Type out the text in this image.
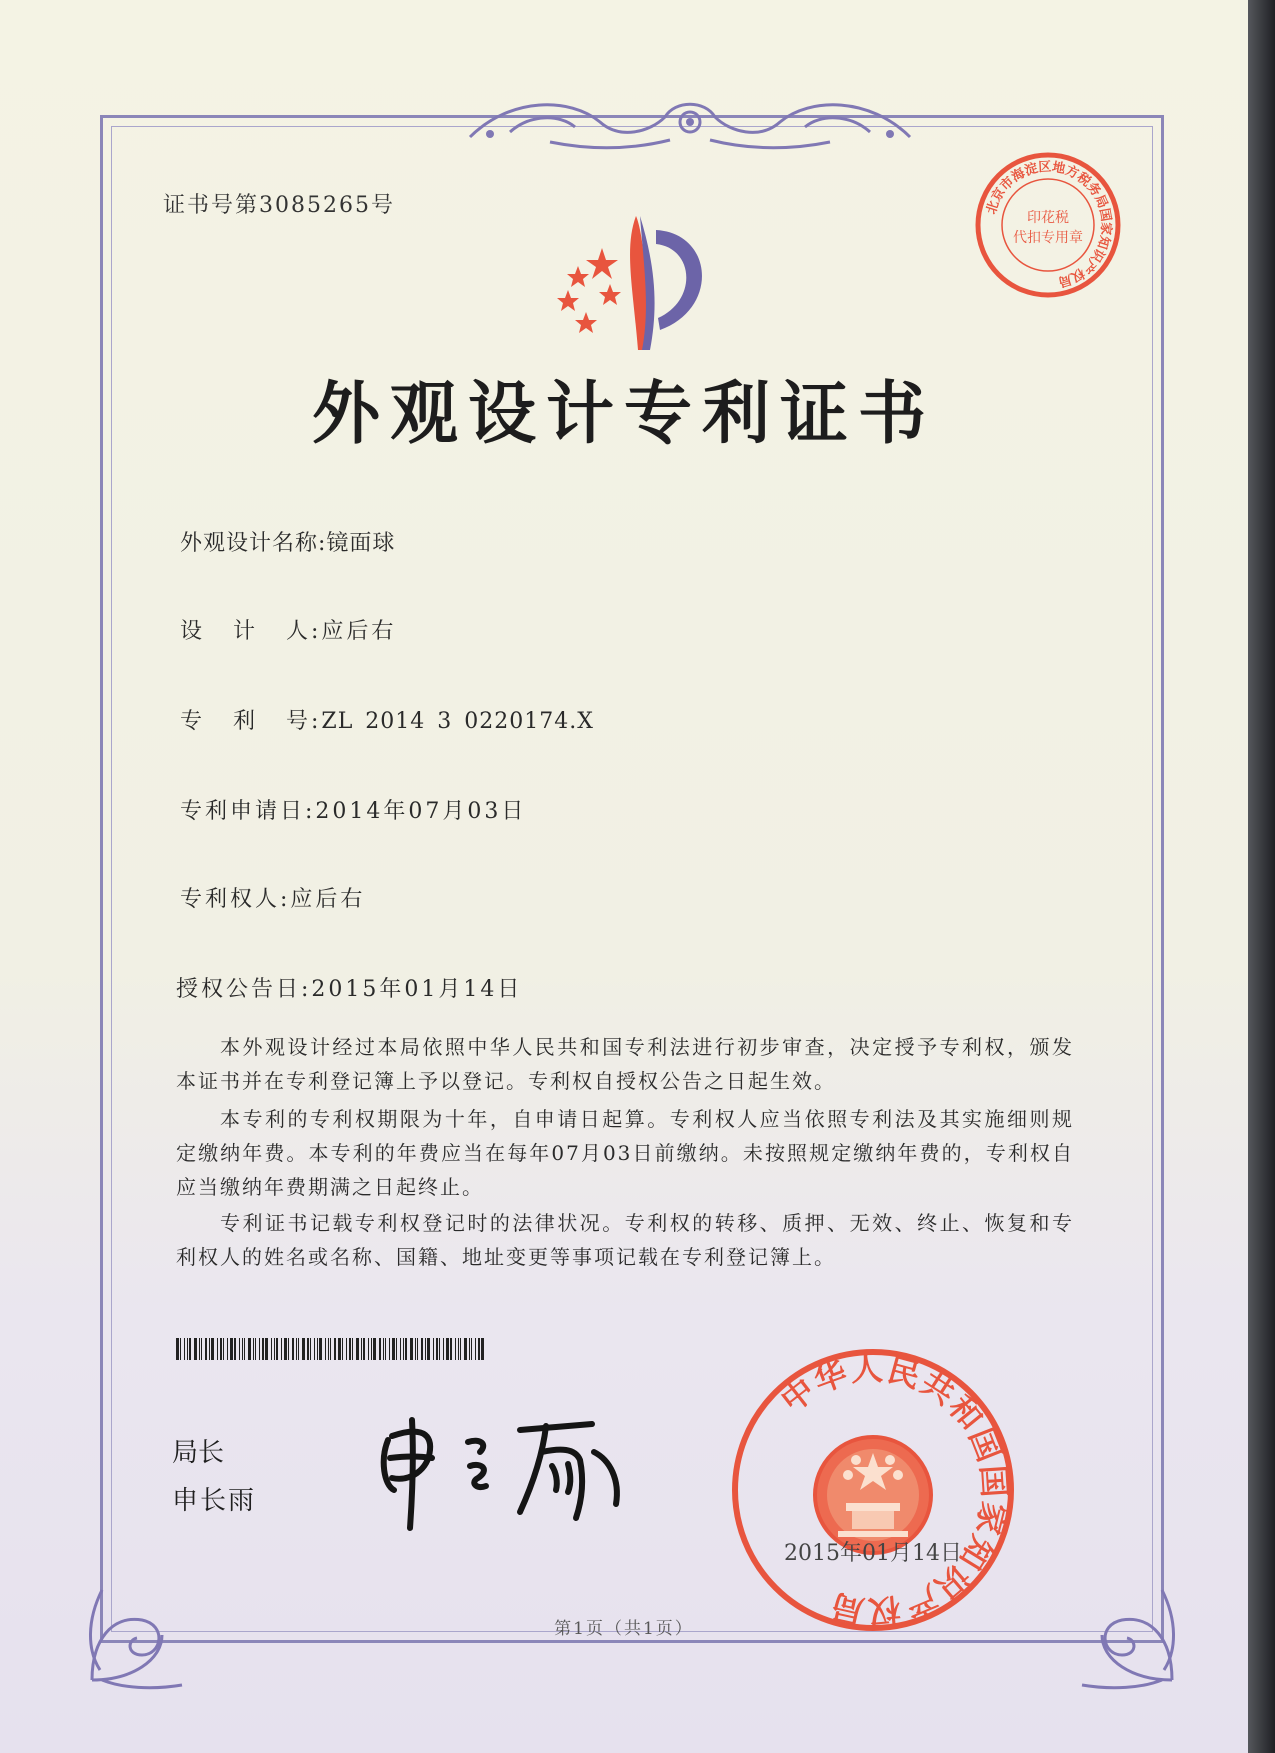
证书号第3085265号
外观设计专利证书
外观设计名称:镜面球
设 计 人:应后右
专 利 号:ZL 2014 3 0220174.X
专利申请日:2014年07月03日
专利权人:应后右
授权公告日:2015年01月14日
本外观设计经过本局依照中华人民共和国专利法进行初步审查，决定授予专利权，颁发本证书并在专利登记簿上予以登记。专利权自授权公告之日起生效。
本专利的专利权期限为十年，自申请日起算。专利权人应当依照专利法及其实施细则规定缴纳年费。本专利的年费应当在每年07月03日前缴纳。未按照规定缴纳年费的，专利权自应当缴纳年费期满之日起终止。
专利证书记载专利权登记时的法律状况。专利权的转移、质押、无效、终止、恢复和专利权人的姓名或名称、国籍、地址变更等事项记载在专利登记簿上。
局长
申长雨
北京市海淀区地方税务局国家知识产权局
印花税
代扣专用章
中华人民共和国国家知识产权局
2015年01月14日
第1页（共1页）
